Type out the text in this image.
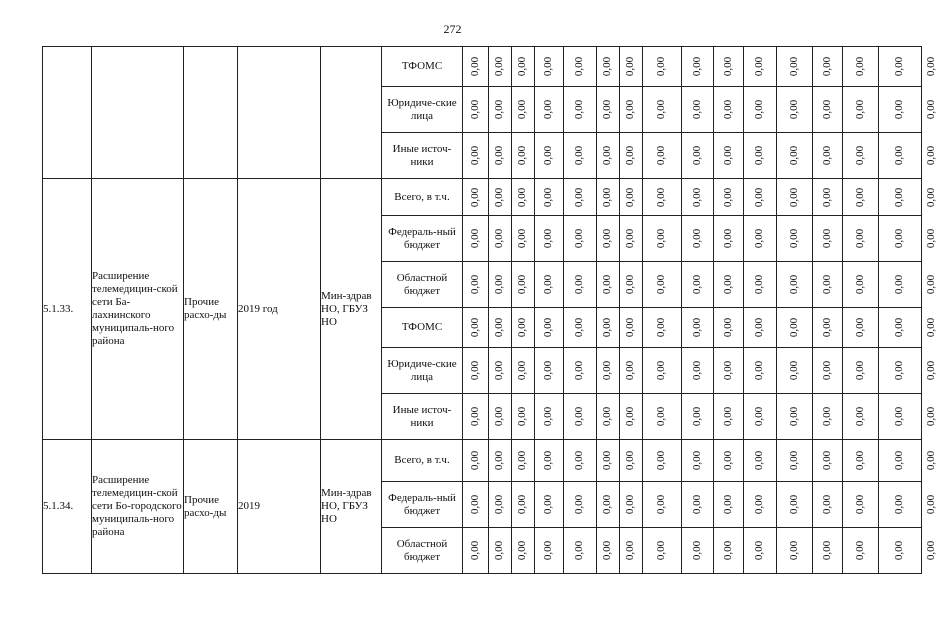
272
					ТФОМС	0,00	0,00	0,00	0,00	0,00	0,00	0,00	0,00	0,00	0,00	0,00	0,00	0,00	0,00	0,00	0,00
					Юридиче-ские лица	0,00	0,00	0,00	0,00	0,00	0,00	0,00	0,00	0,00	0,00	0,00	0,00	0,00	0,00	0,00	0,00
					Иные источ-ники	0,00	0,00	0,00	0,00	0,00	0,00	0,00	0,00	0,00	0,00	0,00	0,00	0,00	0,00	0,00	0,00
5.1.33.	Расширение телемедицин-ской сети Ба-лахнинского муниципаль-ного района	Прочие расхо-ды	2019 год	Мин-здрав НО, ГБУЗ НО	Всего, в т.ч.	0,00	0,00	0,00	0,00	0,00	0,00	0,00	0,00	0,00	0,00	0,00	0,00	0,00	0,00	0,00	0,00
					Федераль-ный бюджет	0,00	0,00	0,00	0,00	0,00	0,00	0,00	0,00	0,00	0,00	0,00	0,00	0,00	0,00	0,00	0,00
					Областной бюджет	0,00	0,00	0,00	0,00	0,00	0,00	0,00	0,00	0,00	0,00	0,00	0,00	0,00	0,00	0,00	0,00
					ТФОМС	0,00	0,00	0,00	0,00	0,00	0,00	0,00	0,00	0,00	0,00	0,00	0,00	0,00	0,00	0,00	0,00
					Юридиче-ские лица	0,00	0,00	0,00	0,00	0,00	0,00	0,00	0,00	0,00	0,00	0,00	0,00	0,00	0,00	0,00	0,00
					Иные источ-ники	0,00	0,00	0,00	0,00	0,00	0,00	0,00	0,00	0,00	0,00	0,00	0,00	0,00	0,00	0,00	0,00
5.1.34.	Расширение телемедицин-ской сети Бо-городского муниципаль-ного района	Прочие расхо-ды	2019	Мин-здрав НО, ГБУЗ НО	Всего, в т.ч.	0,00	0,00	0,00	0,00	0,00	0,00	0,00	0,00	0,00	0,00	0,00	0,00	0,00	0,00	0,00	0,00
					Федераль-ный бюджет	0,00	0,00	0,00	0,00	0,00	0,00	0,00	0,00	0,00	0,00	0,00	0,00	0,00	0,00	0,00	0,00
					Областной бюджет	0,00	0,00	0,00	0,00	0,00	0,00	0,00	0,00	0,00	0,00	0,00	0,00	0,00	0,00	0,00	0,00
